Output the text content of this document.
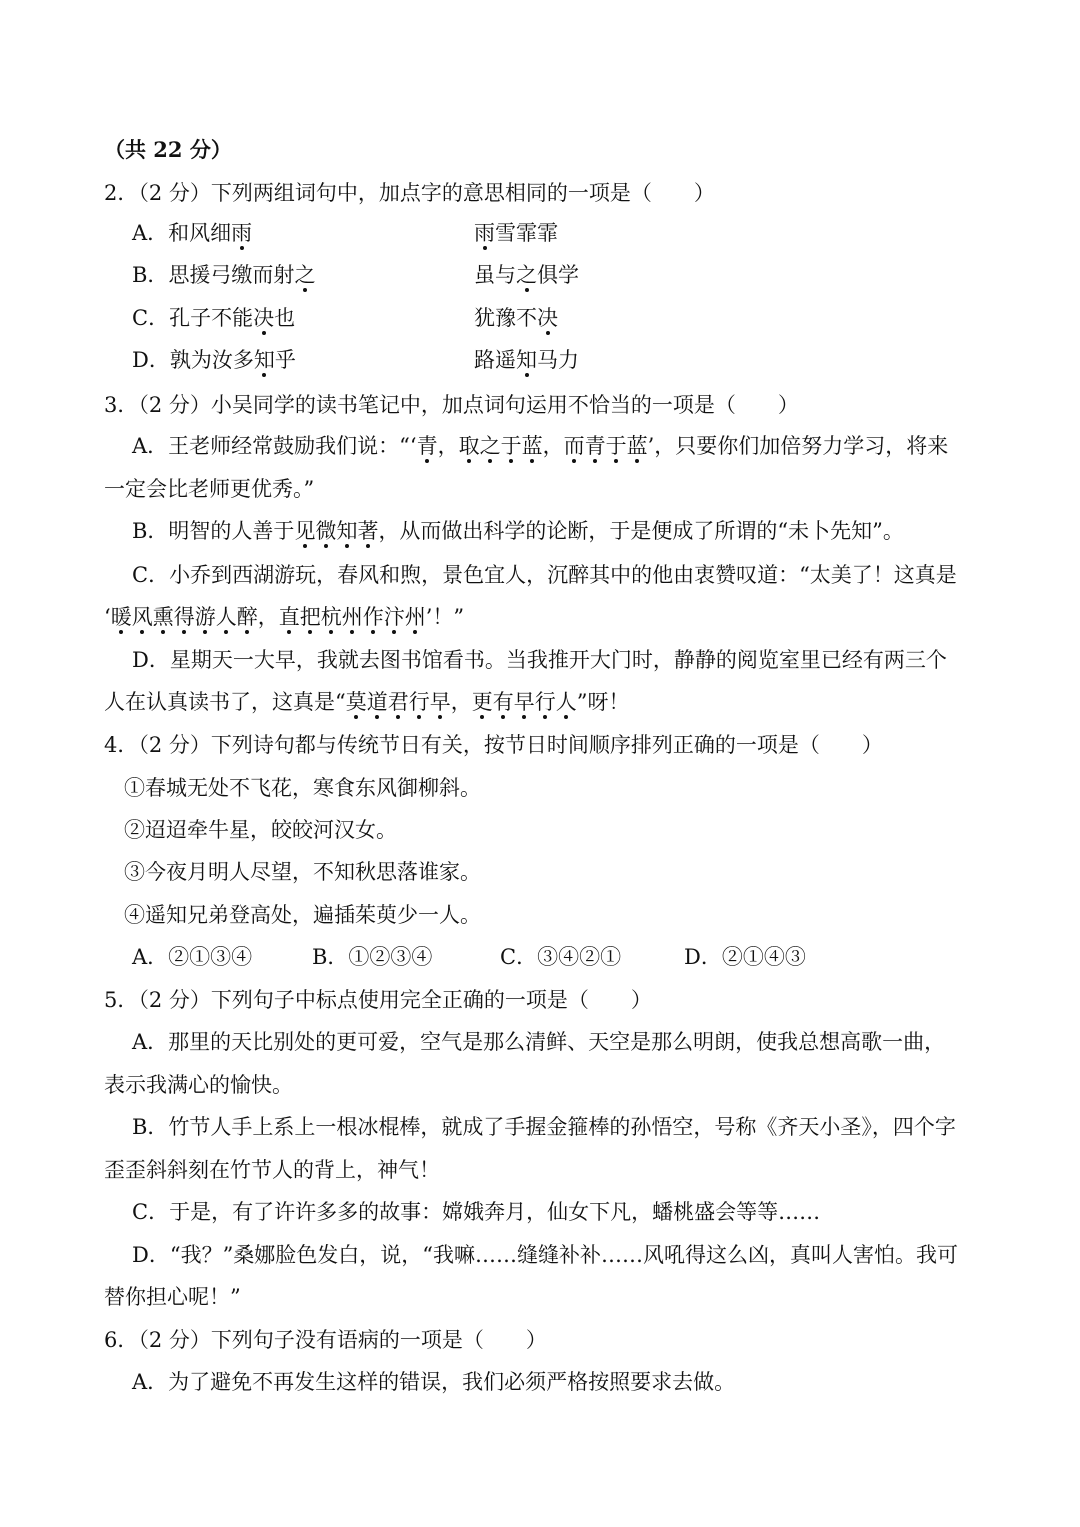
（共 22 分）
2．（2 分）下列两组词句中，加点字的意思相同的一项是（　　）
A．和风细雨	雨雪霏霏
B．思援弓缴而射之	虽与之俱学
C．孔子不能决也	犹豫不决
D．孰为汝多知乎	路遥知马力
3．（2 分）小吴同学的读书笔记中，加点词句运用不恰当的一项是（　　）
A．王老师经常鼓励我们说：“‘青，取之于蓝，而青于蓝’，只要你们加倍努力学习，将来
一定会比老师更优秀。”
B．明智的人善于见微知著，从而做出科学的论断，于是便成了所谓的“未卜先知”。
C．小乔到西湖游玩，春风和煦，景色宜人，沉醉其中的他由衷赞叹道：“太美了！这真是
‘暖风熏得游人醉，直把杭州作汴州’！”
D．星期天一大早，我就去图书馆看书。当我推开大门时，静静的阅览室里已经有两三个
人在认真读书了，这真是“莫道君行早，更有早行人”呀！
4．（2 分）下列诗句都与传统节日有关，按节日时间顺序排列正确的一项是（　　）
①春城无处不飞花，寒食东风御柳斜。
②迢迢牵牛星，皎皎河汉女。
③今夜月明人尽望，不知秋思落谁家。
④遥知兄弟登高处，遍插茱萸少一人。
A．②①③④	B．①②③④	C．③④②①	D．②①④③
5．（2 分）下列句子中标点使用完全正确的一项是（　　）
A．那里的天比别处的更可爱，空气是那么清鲜、天空是那么明朗，使我总想高歌一曲，
表示我满心的愉快。
B．竹节人手上系上一根冰棍棒，就成了手握金箍棒的孙悟空，号称《齐天小圣》，四个字
歪歪斜斜刻在竹节人的背上，神气！
C．于是，有了许许多多的故事：嫦娥奔月，仙女下凡，蟠桃盛会等等……
D．“我？”桑娜脸色发白，说，“我嘛……缝缝补补……风吼得这么凶，真叫人害怕。我可
替你担心呢！”
6．（2 分）下列句子没有语病的一项是（　　）
A．为了避免不再发生这样的错误，我们必须严格按照要求去做。
